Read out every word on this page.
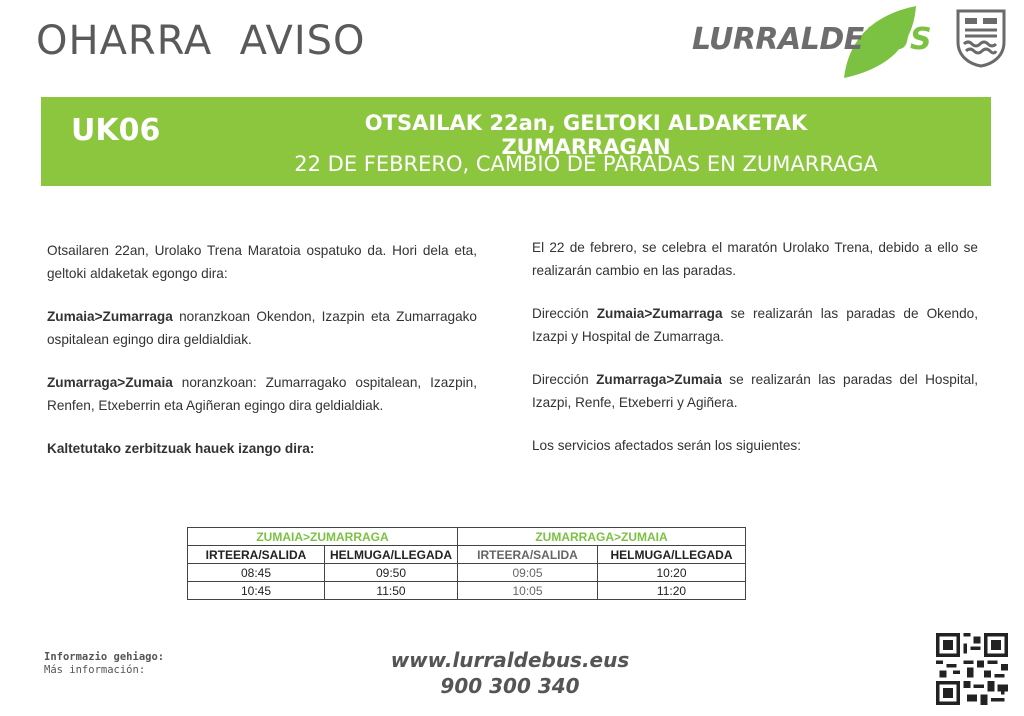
OHARRA  AVISO	LURRALDEBUS
UK06	OTSAILAK 22an, GELTOKI ALDAKETAK ZUMARRAGAN
22 DE FEBRERO, CAMBIO DE PARADAS EN ZUMARRAGA

Otsailaren 22an, Urolako Trena Maratoia ospatuko da. Hori dela eta, geltoki aldaketak egongo dira:

Zumaia>Zumarraga noranzkoan Okendon, Izazpin eta Zumarragako ospitalean egingo dira geldialdiak.

Zumarraga>Zumaia noranzkoan: Zumarragako ospitalean, Izazpin, Renfen, Etxeberrin eta Agiñeran egingo dira geldialdiak.

Kaltetutako zerbitzuak hauek izango dira:

El 22 de febrero, se celebra el maratón Urolako Trena, debido a ello se realizarán cambio en las paradas.

Dirección Zumaia>Zumarraga se realizarán las paradas de Okendo, Izazpi y Hospital de Zumarraga.

Dirección Zumarraga>Zumaia se realizarán las paradas del Hospital, Izazpi, Renfe, Etxeberri y Agiñera.

Los servicios afectados serán los siguientes:

ZUMAIA>ZUMARRAGA		ZUMARRAGA>ZUMAIA	
IRTEERA/SALIDA	HELMUGA/LLEGADA	IRTEERA/SALIDA	HELMUGA/LLEGADA
08:45	09:50	09:05	10:20
10:45	11:50	10:05	11:20
Informazio gehiago:
Más información:	www.lurraldebus.eus
900 300 340
